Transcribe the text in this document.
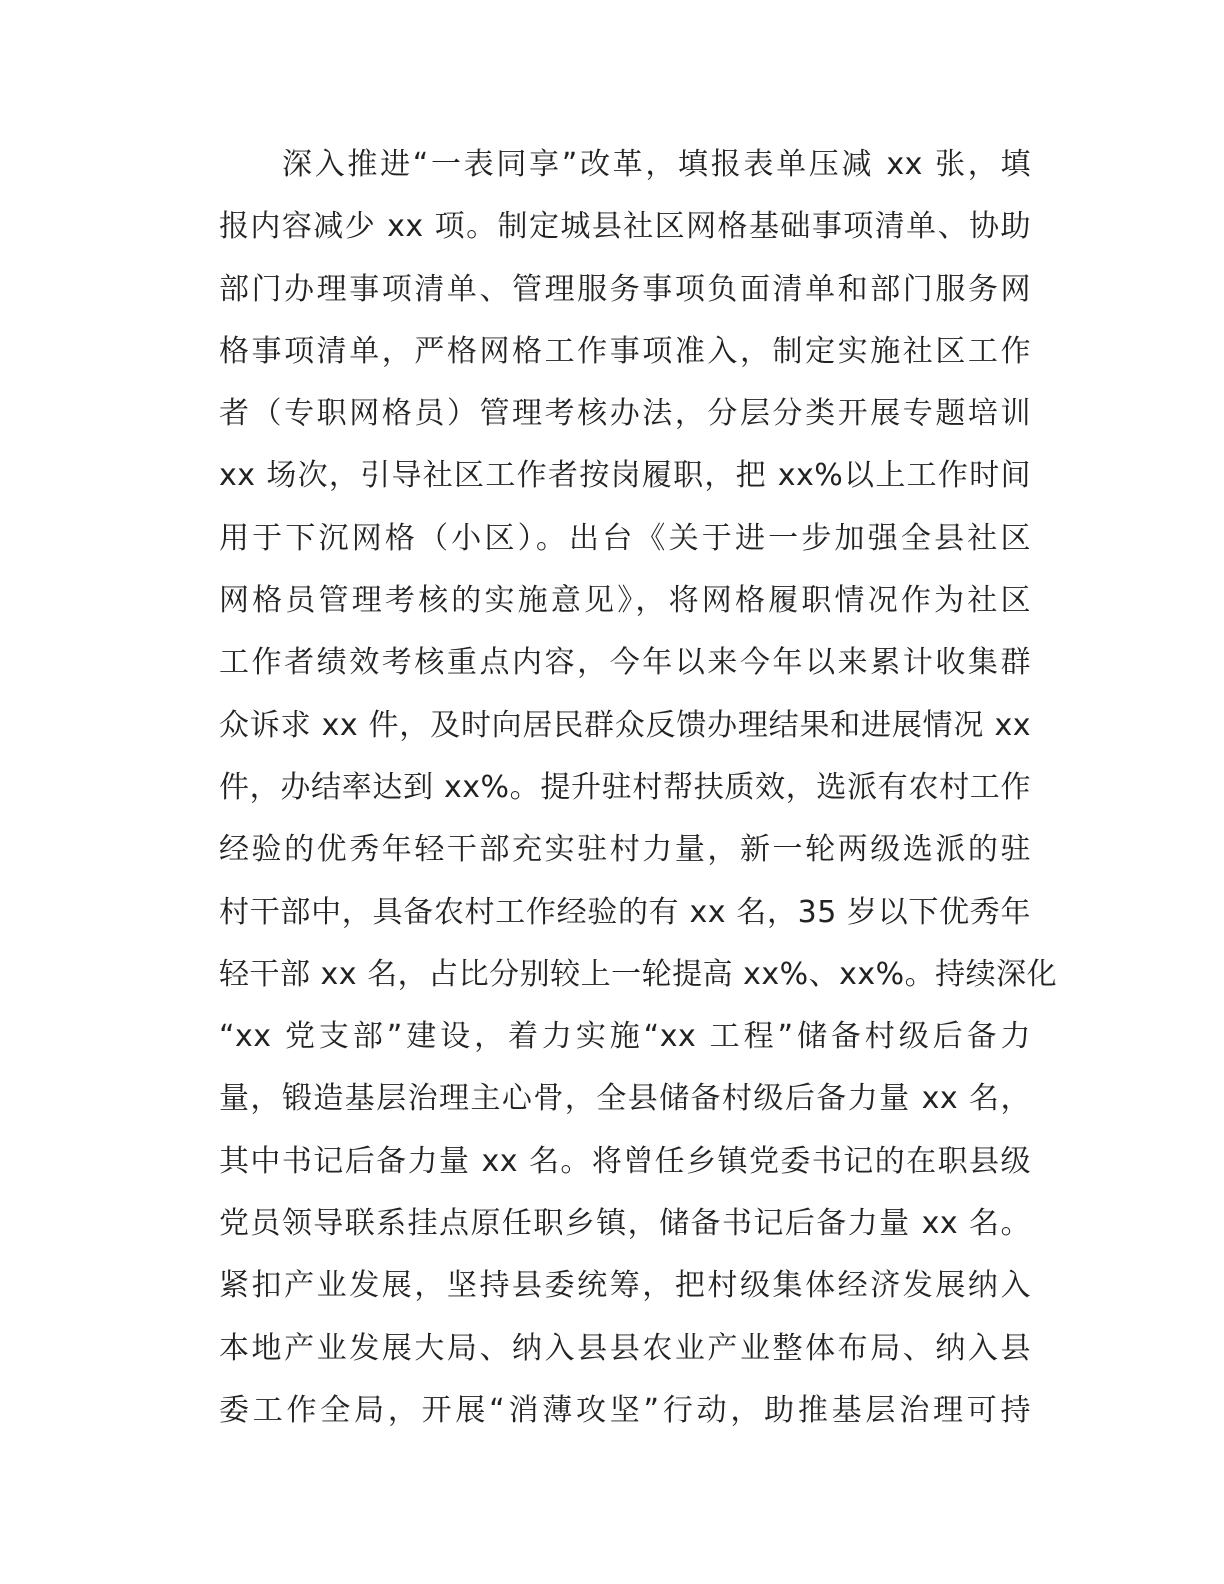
深入推进“一表同享”改革，填报表单压减 xx 张，填
报内容减少 xx 项。制定城县社区网格基础事项清单、协助
部门办理事项清单、管理服务事项负面清单和部门服务网
格事项清单，严格网格工作事项准入，制定实施社区工作
者（专职网格员）管理考核办法，分层分类开展专题培训
xx 场次，引导社区工作者按岗履职，把 xx%以上工作时间
用于下沉网格（小区）。出台《关于进一步加强全县社区
网格员管理考核的实施意见》，将网格履职情况作为社区
工作者绩效考核重点内容，今年以来今年以来累计收集群
众诉求 xx 件，及时向居民群众反馈办理结果和进展情况 xx
件，办结率达到 xx%。提升驻村帮扶质效，选派有农村工作
经验的优秀年轻干部充实驻村力量，新一轮两级选派的驻
村干部中，具备农村工作经验的有 xx 名，35 岁以下优秀年
轻干部 xx 名，占比分别较上一轮提高 xx%、xx%。持续深化
“xx 党支部”建设，着力实施“xx 工程”储备村级后备力
量，锻造基层治理主心骨，全县储备村级后备力量 xx 名，
其中书记后备力量 xx 名。将曾任乡镇党委书记的在职县级
党员领导联系挂点原任职乡镇，储备书记后备力量 xx 名。
紧扣产业发展，坚持县委统筹，把村级集体经济发展纳入
本地产业发展大局、纳入县县农业产业整体布局、纳入县
委工作全局，开展“消薄攻坚”行动，助推基层治理可持
